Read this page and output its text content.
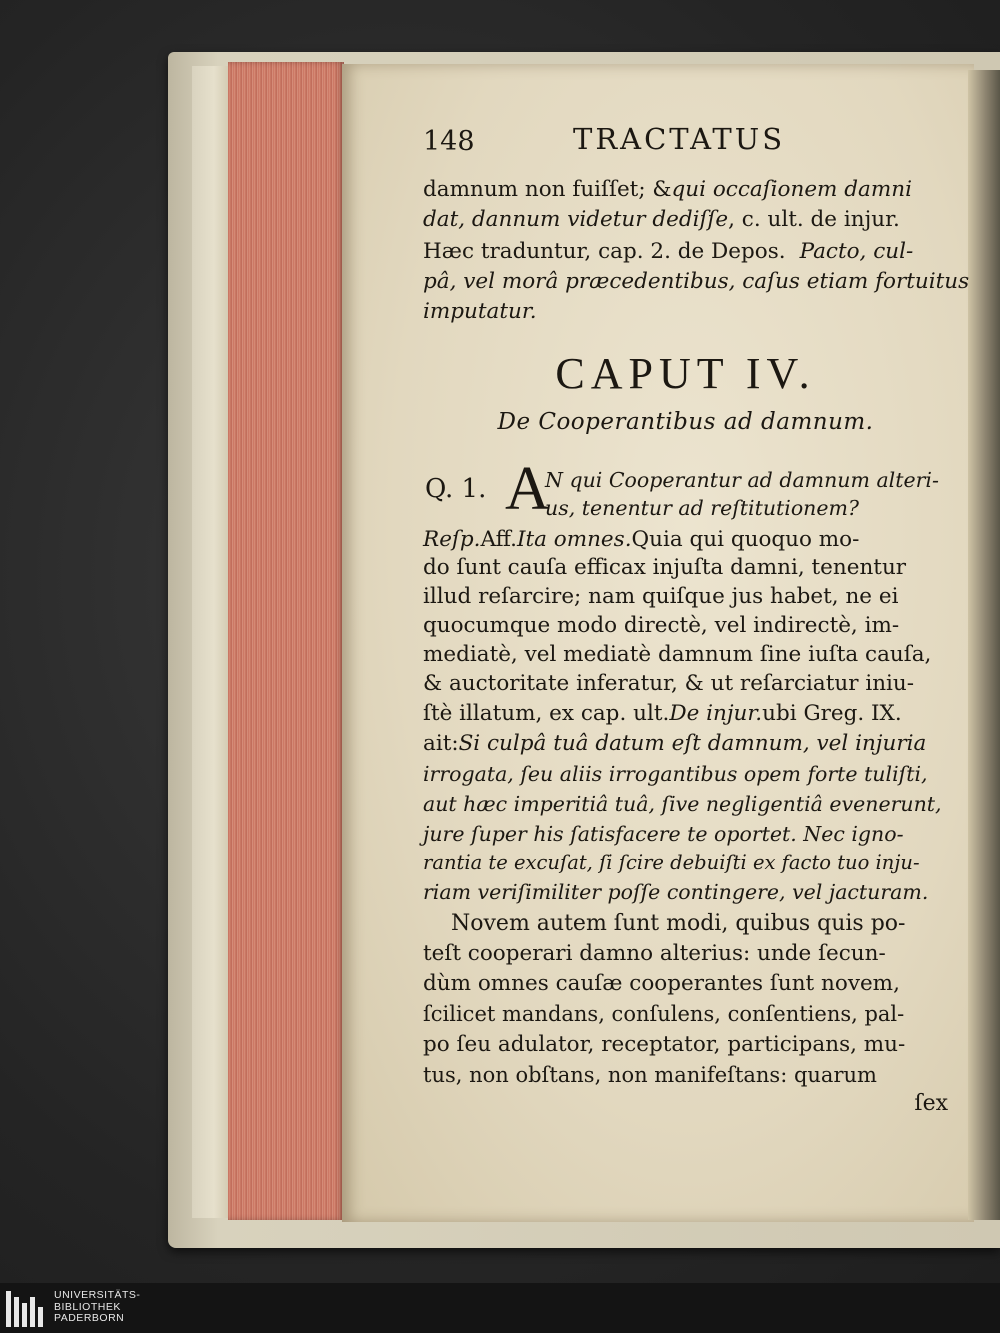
148	TRACTATUS
damnum non fuiſſet; & qui occaſionem damni
dat, dannum videtur dediſſe , c. ult. de injur.
Hæc traduntur, cap. 2. de Depos. Pacto, cul-
pâ, vel morâ præcedentibus, caſus etiam fortuitus
imputatur.
CAPUT IV.
De Cooperantibus ad damnum.
Q. 1. A
N qui Cooperantur ad damnum alteri-
us, tenentur ad reſtitutionem?
Reſp. Aff. Ita omnes. Quia qui quoquo mo-
do ſunt cauſa efficax injuſta damni, tenentur
illud reſarcire; nam quiſque jus habet, ne ei
quocumque modo directè, vel indirectè, im-
mediatè, vel mediatè damnum ſine iuſta cauſa,
& auctoritate inferatur, & ut reſarciatur iniu-
ſtè illatum, ex cap. ult. De injur. ubi Greg. IX.
ait: Si culpâ tuâ datum eſt damnum, vel injuria
irrogata, ſeu aliis irrogantibus opem forte tuliſti,
aut hæc imperitiâ tuâ, ſive negligentiâ evenerunt,
jure ſuper his ſatisfacere te oportet. Nec igno-
rantia te excuſat, ſi ſcire debuiſti ex facto tuo inju-
riam veriſimiliter poſſe contingere, vel jacturam.
Novem autem ſunt modi, quibus quis po-
teſt cooperari damno alterius: unde ſecun-
dùm omnes cauſæ cooperantes ſunt novem,
ſcilicet mandans, conſulens, conſentiens, pal-
po ſeu adulator, receptator, participans, mu-
tus, non obſtans, non manifeſtans: quarum
ſex
UNIVERSITÄTS-
BIBLIOTHEK
PADERBORN
